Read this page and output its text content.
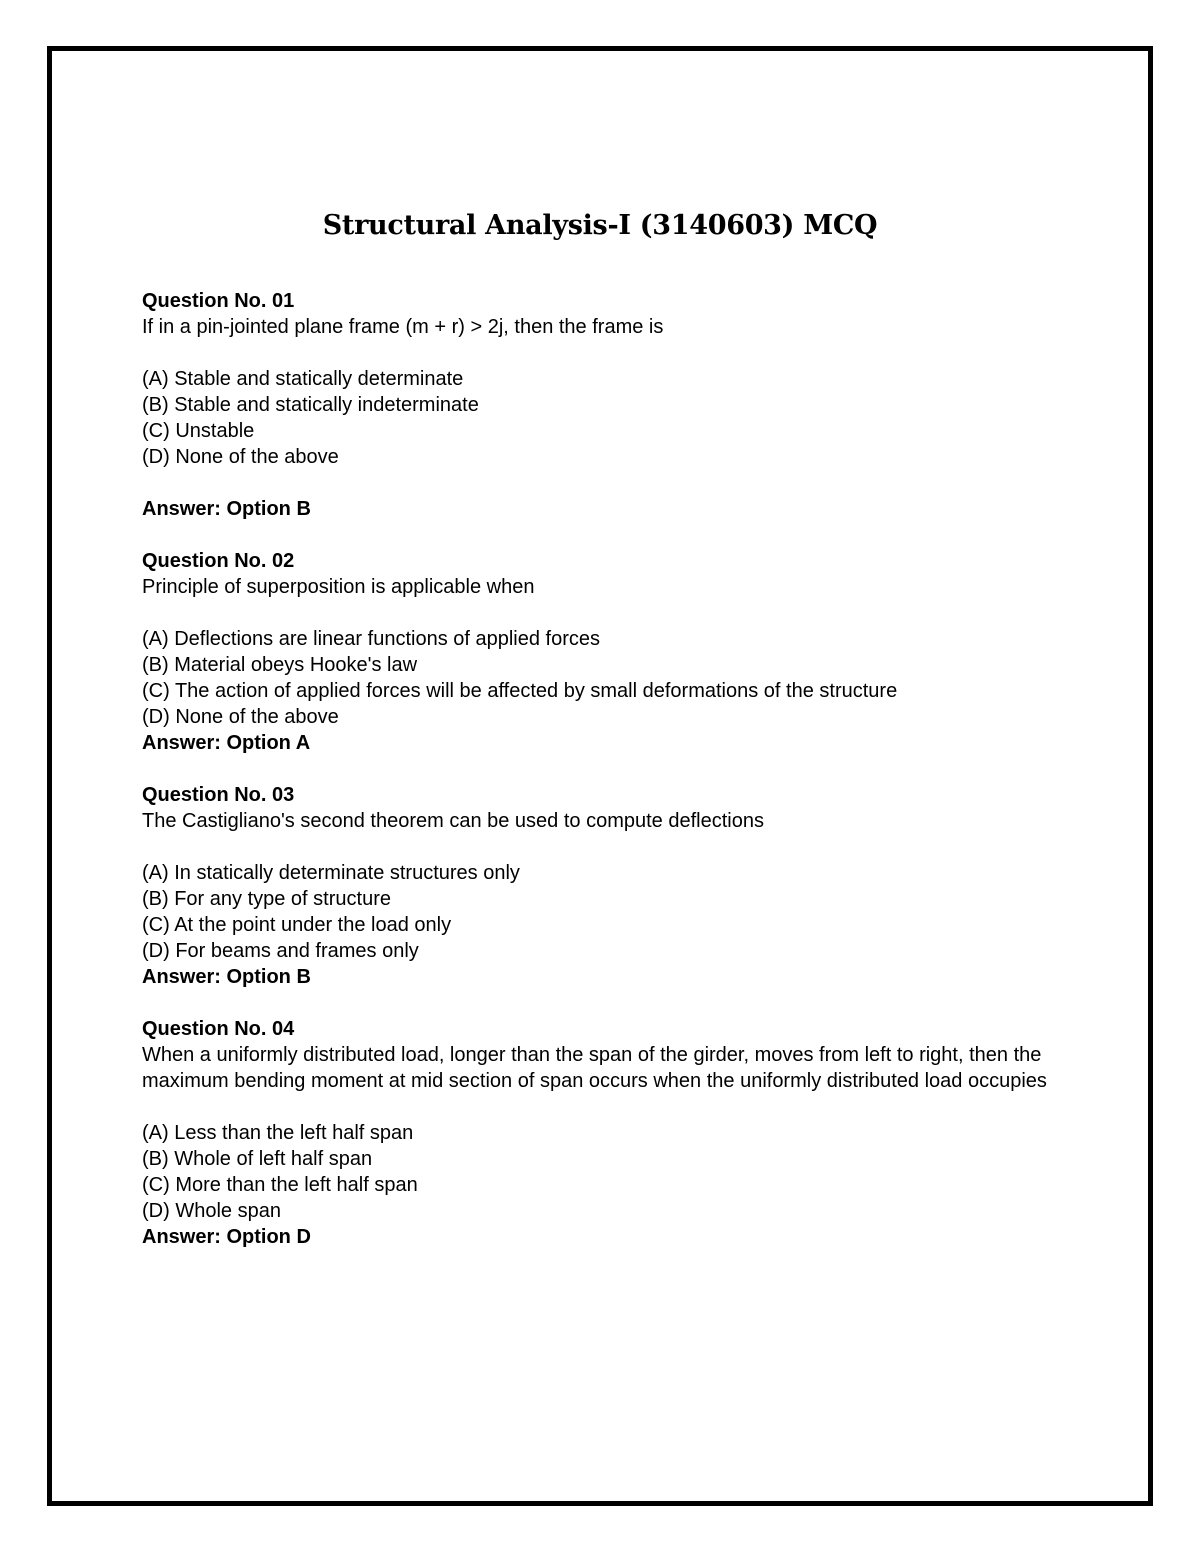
Structural Analysis-I (3140603) MCQ
Question No. 01
If in a pin-jointed plane frame (m + r) > 2j, then the frame is
(A) Stable and statically determinate
(B) Stable and statically indeterminate
(C) Unstable
(D) None of the above
Answer: Option B
Question No. 02
Principle of superposition is applicable when
(A) Deflections are linear functions of applied forces
(B) Material obeys Hooke's law
(C) The action of applied forces will be affected by small deformations of the structure
(D) None of the above
Answer: Option A
Question No. 03
The Castigliano's second theorem can be used to compute deflections
(A) In statically determinate structures only
(B) For any type of structure
(C) At the point under the load only
(D) For beams and frames only
Answer: Option B
Question No. 04
When a uniformly distributed load, longer than the span of the girder, moves from left to right, then the maximum bending moment at mid section of span occurs when the uniformly distributed load occupies
(A) Less than the left half span
(B) Whole of left half span
(C) More than the left half span
(D) Whole span
Answer: Option D
